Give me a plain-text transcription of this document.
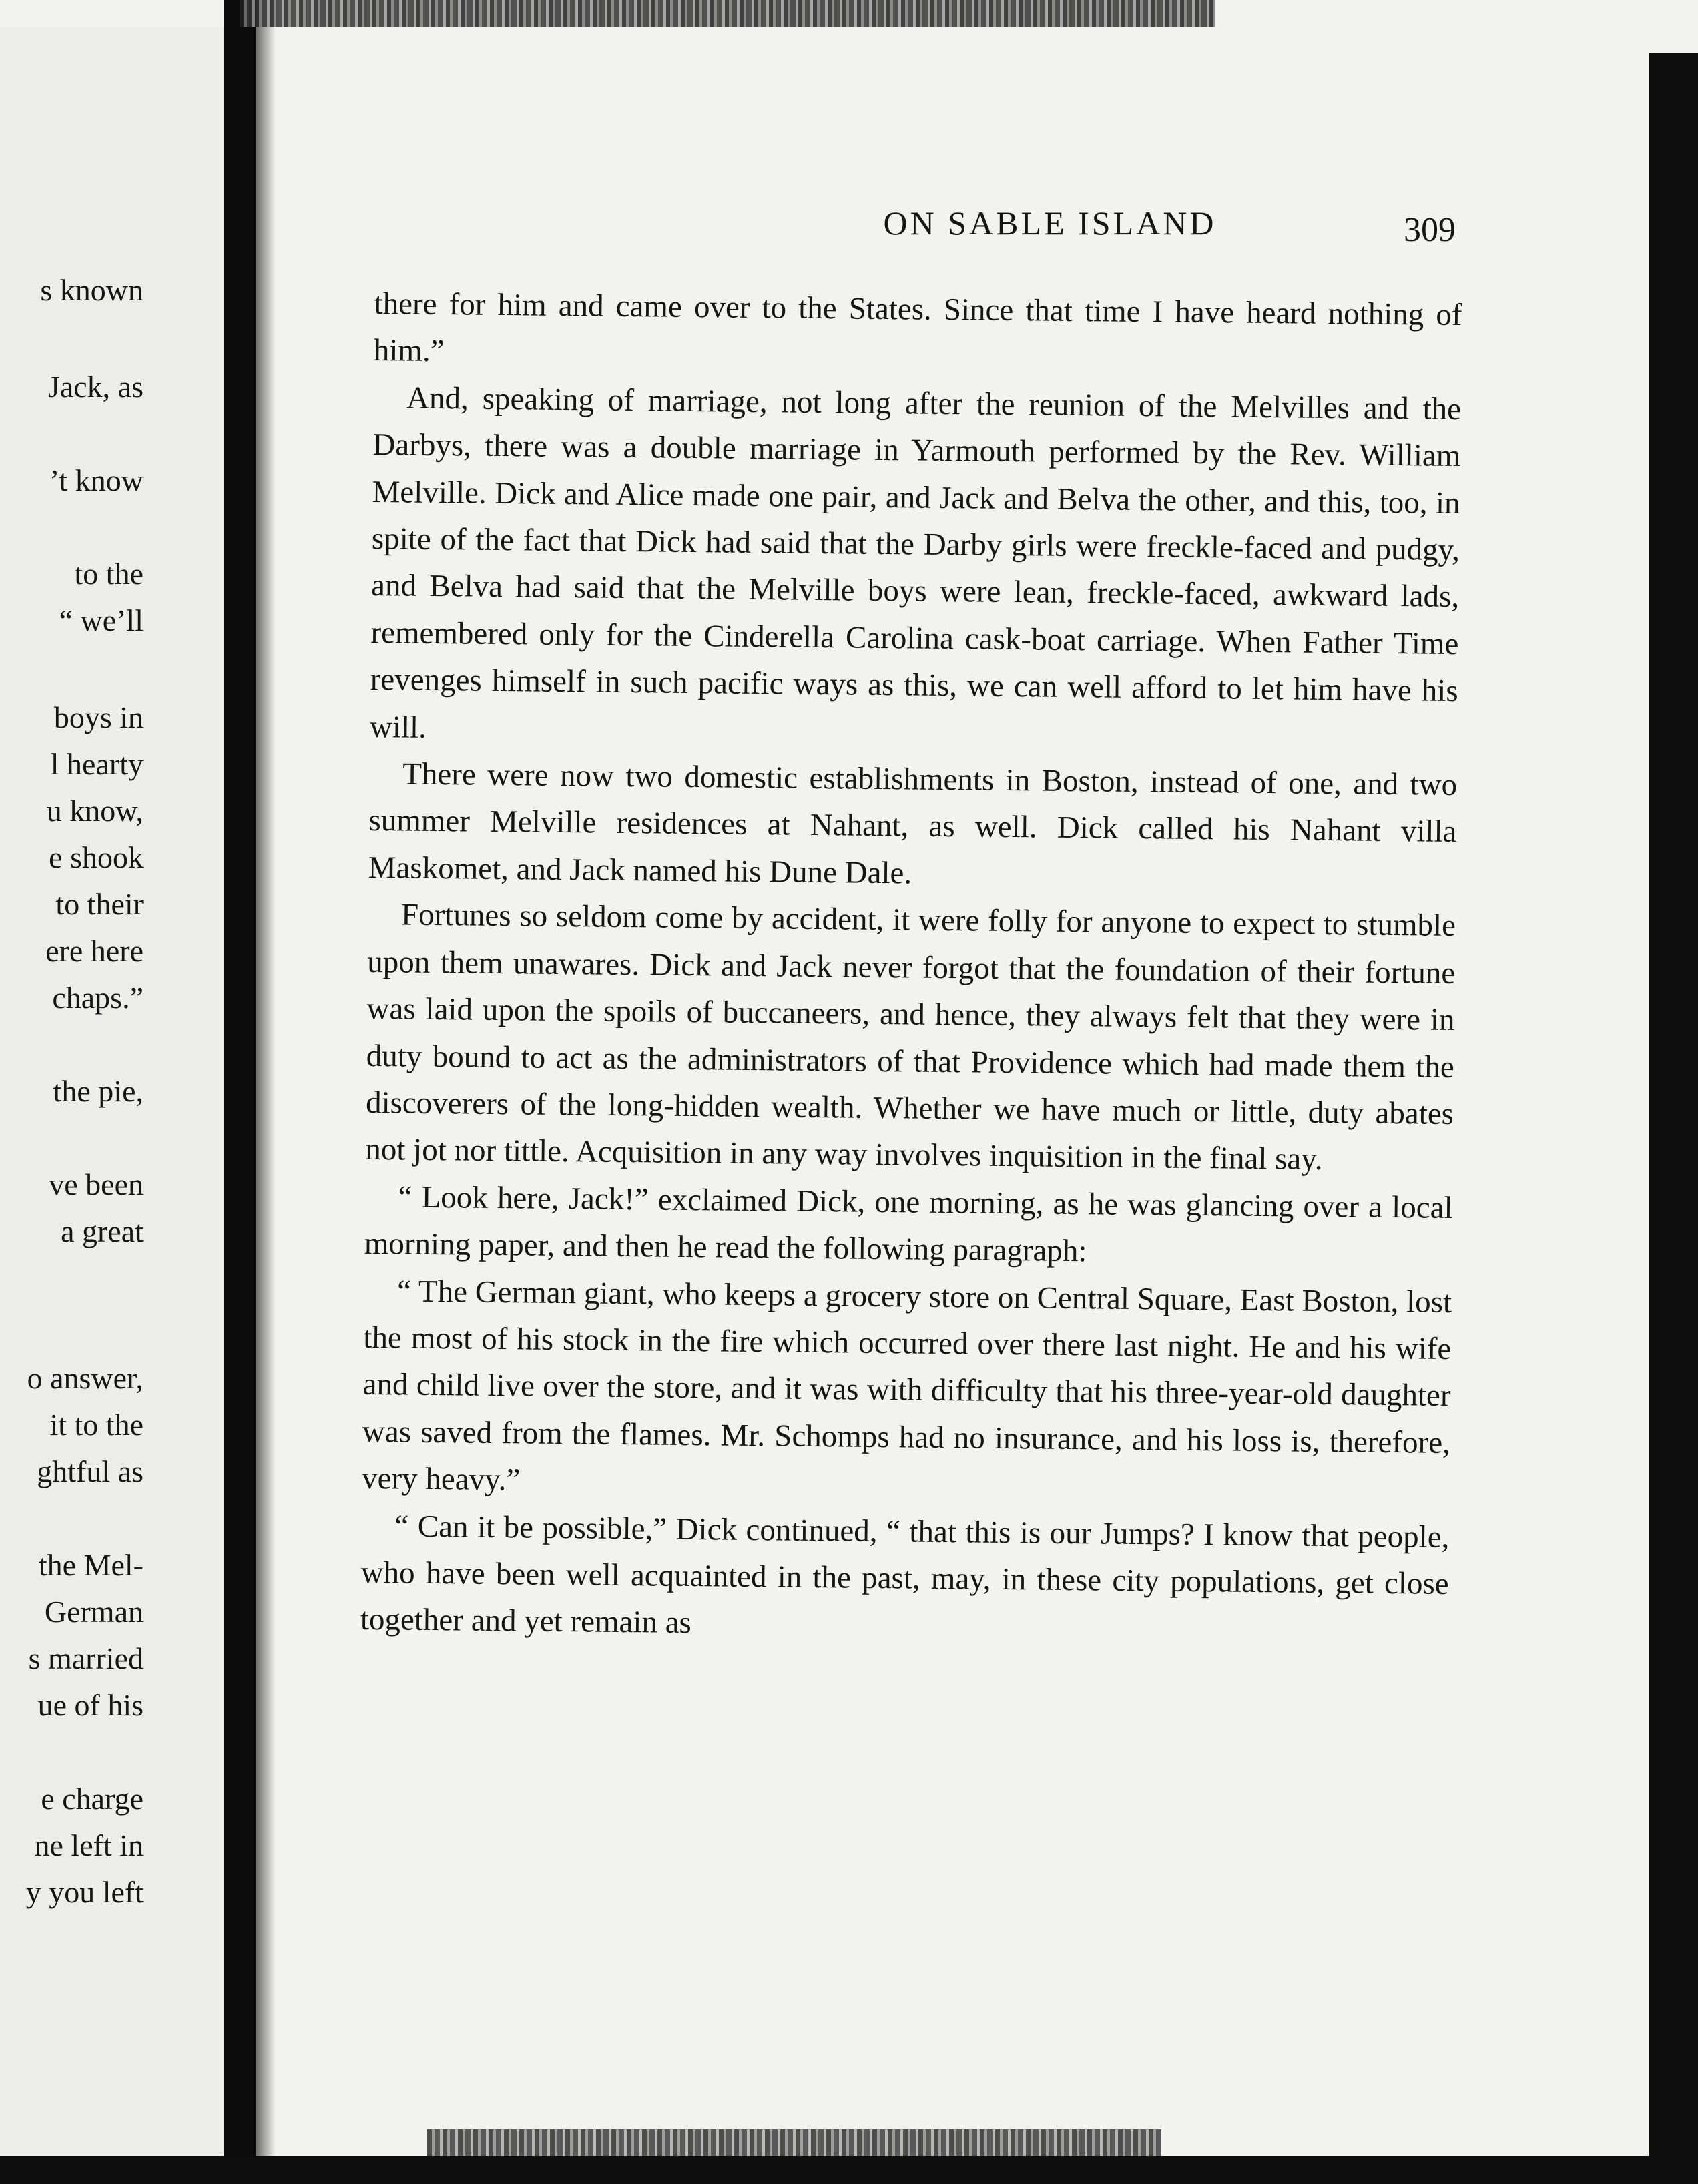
s known
Jack, as
’t know
to the
“ we’ll
boys in
l hearty
u know,
e shook
to their
ere here
chaps.”
the pie,
ve been
a great
o answer,
it to the
ghtful as
the Mel-
German
s married
ue of his
e charge
ne left in
y you left
ON SABLE ISLAND	309

there for him and came over to the States. Since that time I have heard nothing of him.”

And, speaking of marriage, not long after the reunion of the Melvilles and the Darbys, there was a double marriage in Yarmouth performed by the Rev. William Melville. Dick and Alice made one pair, and Jack and Belva the other, and this, too, in spite of the fact that Dick had said that the Darby girls were freckle-faced and pudgy, and Belva had said that the Melville boys were lean, freckle-faced, awkward lads, remembered only for the Cinderella Carolina cask-boat carriage. When Father Time revenges himself in such pacific ways as this, we can well afford to let him have his will.

There were now two domestic establishments in Boston, instead of one, and two summer Melville residences at Nahant, as well. Dick called his Nahant villa Maskomet, and Jack named his Dune Dale.

Fortunes so seldom come by accident, it were folly for anyone to expect to stumble upon them unawares. Dick and Jack never forgot that the foundation of their fortune was laid upon the spoils of buccaneers, and hence, they always felt that they were in duty bound to act as the administrators of that Providence which had made them the discoverers of the long-hidden wealth. Whether we have much or little, duty abates not jot nor tittle. Acquisition in any way involves inquisition in the final say.

“ Look here, Jack!” exclaimed Dick, one morning, as he was glancing over a local morning paper, and then he read the following paragraph:

“ The German giant, who keeps a grocery store on Central Square, East Boston, lost the most of his stock in the fire which occurred over there last night. He and his wife and child live over the store, and it was with difficulty that his three-year-old daughter was saved from the flames. Mr. Schomps had no insurance, and his loss is, therefore, very heavy.”

“ Can it be possible,” Dick continued, “ that this is our Jumps? I know that people, who have been well acquainted in the past, may, in these city populations, get close together and yet remain as
